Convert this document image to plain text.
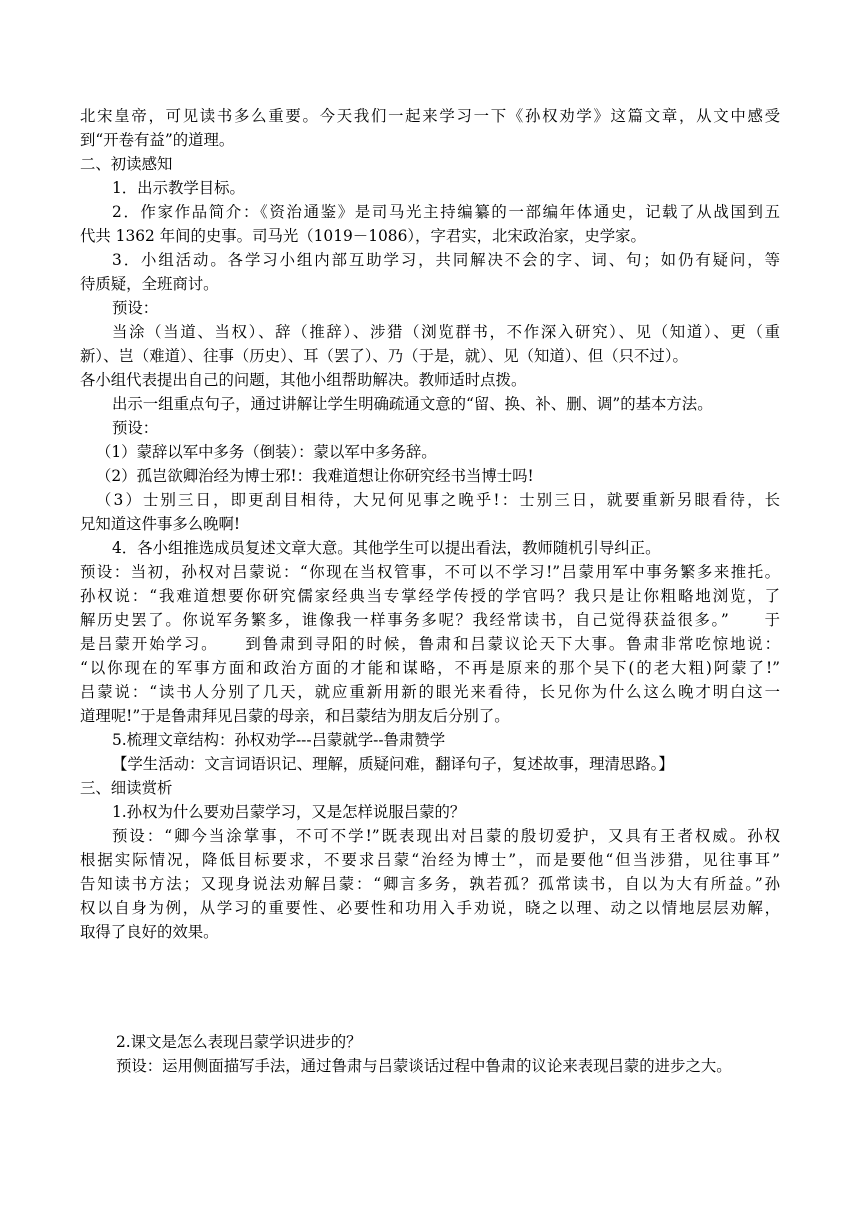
北宋皇帝，可见读书多么重要。今天我们一起来学习一下《孙权劝学》这篇文章，从文中感受
到“开卷有益”的道理。
二、初读感知
1．出示教学目标。
2．作家作品简介：《资治通鉴》是司马光主持编纂的一部编年体通史，记载了从战国到五
代共 1362 年间的史事。司马光（1019－1086），字君实，北宋政治家，史学家。
3．小组活动。各学习小组内部互助学习，共同解决不会的字、词、句；如仍有疑问，等
待质疑，全班商讨。
预设：
当涂（当道、当权）、辞（推辞）、涉猎（浏览群书，不作深入研究）、见（知道）、更（重
新）、岂（难道）、往事（历史）、耳（罢了）、乃（于是，就）、见（知道）、但（只不过）。
各小组代表提出自己的问题，其他小组帮助解决。教师适时点拨。
出示一组重点句子，通过讲解让学生明确疏通文意的“留、换、补、删、调”的基本方法。
预设：
（1）蒙辞以军中多务（倒装）：蒙以军中多务辞。
（2）孤岂欲卿治经为博士邪!：我难道想让你研究经书当博士吗!
（3）士别三日，即更刮目相待，大兄何见事之晚乎!：士别三日，就要重新另眼看待，长
兄知道这件事多么晚啊!
4．各小组推选成员复述文章大意。其他学生可以提出看法，教师随机引导纠正。
预设：当初，孙权对吕蒙说：“你现在当权管事，不可以不学习!”吕蒙用军中事务繁多来推托。
孙权说：“我难道想要你研究儒家经典当专掌经学传授的学官吗？我只是让你粗略地浏览，了
解历史罢了。你说军务繁多，谁像我一样事务多呢？我经常读书，自己觉得获益很多。”　　于
是吕蒙开始学习。　　到鲁肃到寻阳的时候，鲁肃和吕蒙议论天下大事。鲁肃非常吃惊地说：
“以你现在的军事方面和政治方面的才能和谋略，不再是原来的那个吴下(的老大粗)阿蒙了!”
吕蒙说：“读书人分别了几天，就应重新用新的眼光来看待，长兄你为什么这么晚才明白这一
道理呢!”于是鲁肃拜见吕蒙的母亲，和吕蒙结为朋友后分别了。
5.梳理文章结构：孙权劝学---吕蒙就学--鲁肃赞学
【学生活动：文言词语识记、理解，质疑问难，翻译句子，复述故事，理清思路。】
三、细读赏析
1.孙权为什么要劝吕蒙学习，又是怎样说服吕蒙的？
预设：“卿今当涂掌事，不可不学!”既表现出对吕蒙的殷切爱护，又具有王者权威。孙权
根据实际情况，降低目标要求，不要求吕蒙“治经为博士”，而是要他“但当涉猎，见往事耳”
告知读书方法；又现身说法劝解吕蒙：“卿言多务，孰若孤？孤常读书，自以为大有所益。”孙
权以自身为例，从学习的重要性、必要性和功用入手劝说，晓之以理、动之以情地层层劝解，
取得了良好的效果。
2.课文是怎么表现吕蒙学识进步的？
预设：运用侧面描写手法，通过鲁肃与吕蒙谈话过程中鲁肃的议论来表现吕蒙的进步之大。
